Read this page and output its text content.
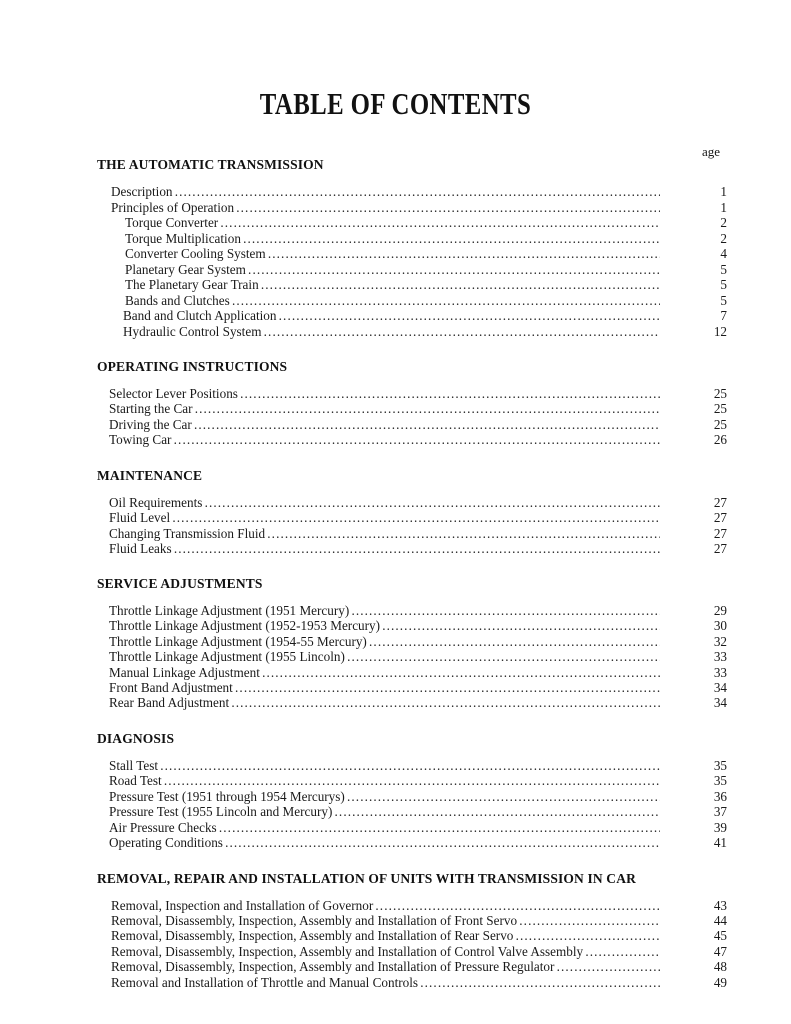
TABLE OF CONTENTS
age
THE AUTOMATIC TRANSMISSION
Description . . .	1
Principles of Operation . . .	1
Torque Converter . . .	2
Torque Multiplication . . .	2
Converter Cooling System . . .	4
Planetary Gear System . . .	5
The Planetary Gear Train . . .	5
Bands and Clutches . . .	5
Band and Clutch Application . . .	7
Hydraulic Control System . . .	12
OPERATING INSTRUCTIONS
Selector Lever Positions . . .	25
Starting the Car . . .	25
Driving the Car . . .	25
Towing Car . . .	26
MAINTENANCE
Oil Requirements . . .	27
Fluid Level . . .	27
Changing Transmission Fluid . . .	27
Fluid Leaks . . .	27
SERVICE ADJUSTMENTS
Throttle Linkage Adjustment (1951 Mercury) . . .	29
Throttle Linkage Adjustment (1952-1953 Mercury) . . .	30
Throttle Linkage Adjustment (1954-55 Mercury) . . .	32
Throttle Linkage Adjustment (1955 Lincoln) . . .	33
Manual Linkage Adjustment . . .	33
Front Band Adjustment . . .	34
Rear Band Adjustment . . .	34
DIAGNOSIS
Stall Test . . .	35
Road Test . . .	35
Pressure Test (1951 through 1954 Mercurys) . . .	36
Pressure Test (1955 Lincoln and Mercury) . . .	37
Air Pressure Checks . . .	39
Operating Conditions . . .	41
REMOVAL, REPAIR AND INSTALLATION OF UNITS WITH TRANSMISSION IN CAR
Removal, Inspection and Installation of Governor . . .	43
Removal, Disassembly, Inspection, Assembly and Installation of Front Servo . . .	44
Removal, Disassembly, Inspection, Assembly and Installation of Rear Servo . . .	45
Removal, Disassembly, Inspection, Assembly and Installation of Control Valve Assembly . . .	47
Removal, Disassembly, Inspection, Assembly and Installation of Pressure Regulator . . .	48
Removal and Installation of Throttle and Manual Controls . . .	49
